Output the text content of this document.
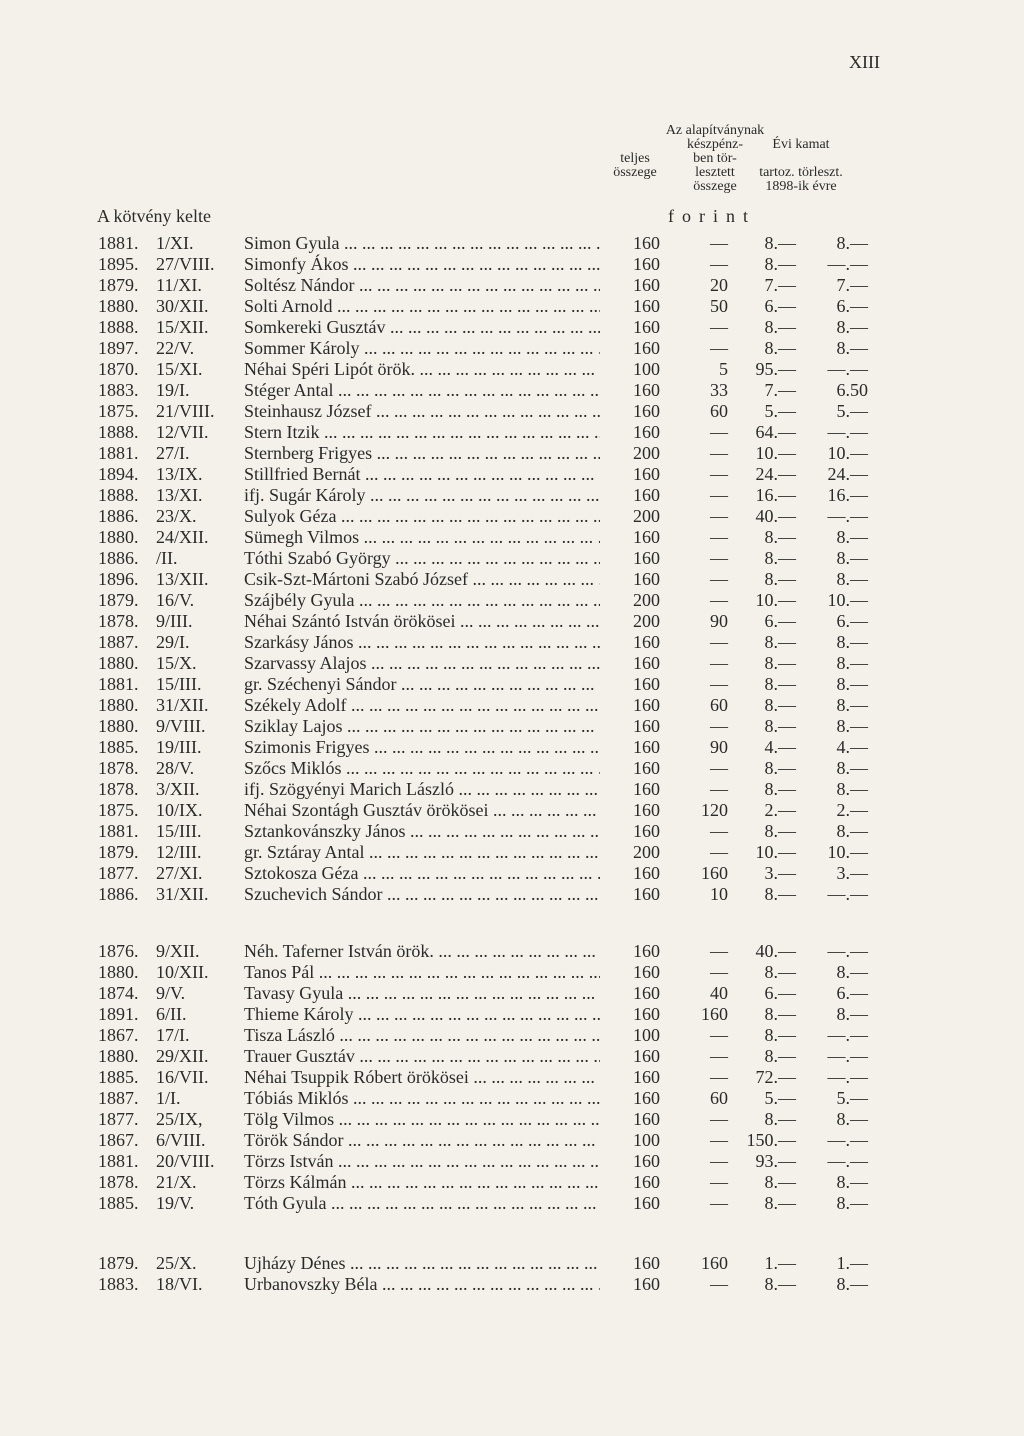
XIII
teljes
összege
Az alapítványnak
készpénz-
ben tör-
lesztett
összege
Évi kamat
tartoz. törleszt.
1898-ik évre
A kötvény kelte	forint
1881. 1/XI.	Simon Gyula ... .	160	—	8.—	8.—
1895. 27/VIII.	Simonfy Ákos ... .	160	—	8.—	—.—
1879. 11/XI.	Soltész Nándor ... .	160	20	7.—	7.—
1880. 30/XII.	Solti Arnold ... .	160	50	6.—	6.—
1888. 15/XII.	Somkereki Gusztáv ... .	160	—	8.—	8.—
1897. 22/V.	Sommer Károly ... .	160	—	8.—	8.—
1870. 15/XI.	Néhai Spéri Lipót örök. ... .	100	5	95.—	—.—
1883. 19/I.	Stéger Antal ... .	160	33	7.—	6.50
1875. 21/VIII.	Steinhausz József ... .	160	60	5.—	5.—
1888. 12/VII.	Stern Itzik ... .	160	—	64.—	—.—
1881. 27/I.	Sternberg Frigyes ... .	200	—	10.—	10.—
1894. 13/IX.	Stillfried Bernát ... .	160	—	24.—	24.—
1888. 13/XI.	ifj. Sugár Károly ... .	160	—	16.—	16.—
1886. 23/X.	Sulyok Géza ... .	200	—	40.—	—.—
1880. 24/XII.	Sümegh Vilmos ... .	160	—	8.—	8.—
1886. /II.	Tóthi Szabó György ... .	160	—	8.—	8.—
1896. 13/XII.	Csik-Szt-Mártoni Szabó József ... .	160	—	8.—	8.—
1879. 16/V.	Szájbély Gyula ... .	200	—	10.—	10.—
1878. 9/III.	Néhai Szántó István örökösei ... .	200	90	6.—	6.—
1887. 29/I.	Szarkásy János ... .	160	—	8.—	8.—
1880. 15/X.	Szarvassy Alajos ... .	160	—	8.—	8.—
1881. 15/III.	gr. Széchenyi Sándor ... .	160	—	8.—	8.—
1880. 31/XII.	Székely Adolf ... .	160	60	8.—	8.—
1880. 9/VIII.	Sziklay Lajos ... .	160	—	8.—	8.—
1885. 19/III.	Szimonis Frigyes ... .	160	90	4.—	4.—
1878. 28/V.	Szőcs Miklós ... .	160	—	8.—	8.—
1878. 3/XII.	ifj. Szögyényi Marich László ... .	160	—	8.—	8.—
1875. 10/IX.	Néhai Szontágh Gusztáv örökösei ... .	160	120	2.—	2.—
1881. 15/III.	Sztankovánszky János ... .	160	—	8.—	8.—
1879. 12/III.	gr. Sztáray Antal ... .	200	—	10.—	10.—
1877. 27/XI.	Sztokosza Géza ... .	160	160	3.—	3.—
1886. 31/XII.	Szuchevich Sándor ... .	160	10	8.—	—.—
1876. 9/XII.	Néh. Taferner István örök. ... .	160	—	40.—	—.—
1880. 10/XII.	Tanos Pál ... .	160	—	8.—	8.—
1874. 9/V.	Tavasy Gyula ... .	160	40	6.—	6.—
1891. 6/II.	Thieme Károly ... .	160	160	8.—	8.—
1867. 17/I.	Tisza László ... .	100	—	8.—	—.—
1880. 29/XII.	Trauer Gusztáv ... .	160	—	8.—	—.—
1885. 16/VII.	Néhai Tsuppik Róbert örökösei ... .	160	—	72.—	—.—
1887. 1/I.	Tóbiás Miklós ... .	160	60	5.—	5.—
1877. 25/IX,	Tölg Vilmos ... .	160	—	8.—	8.—
1867. 6/VIII.	Török Sándor ... .	100	—	150.—	—.—
1881. 20/VIII.	Törzs István ... .	160	—	93.—	—.—
1878. 21/X.	Törzs Kálmán ... .	160	—	8.—	8.—
1885. 19/V.	Tóth Gyula ... .	160	—	8.—	8.—
1879. 25/X.	Ujházy Dénes ... .	160	160	1.—	1.—
1883. 18/VI.	Urbanovszky Béla ... .	160	—	8.—	8.—
